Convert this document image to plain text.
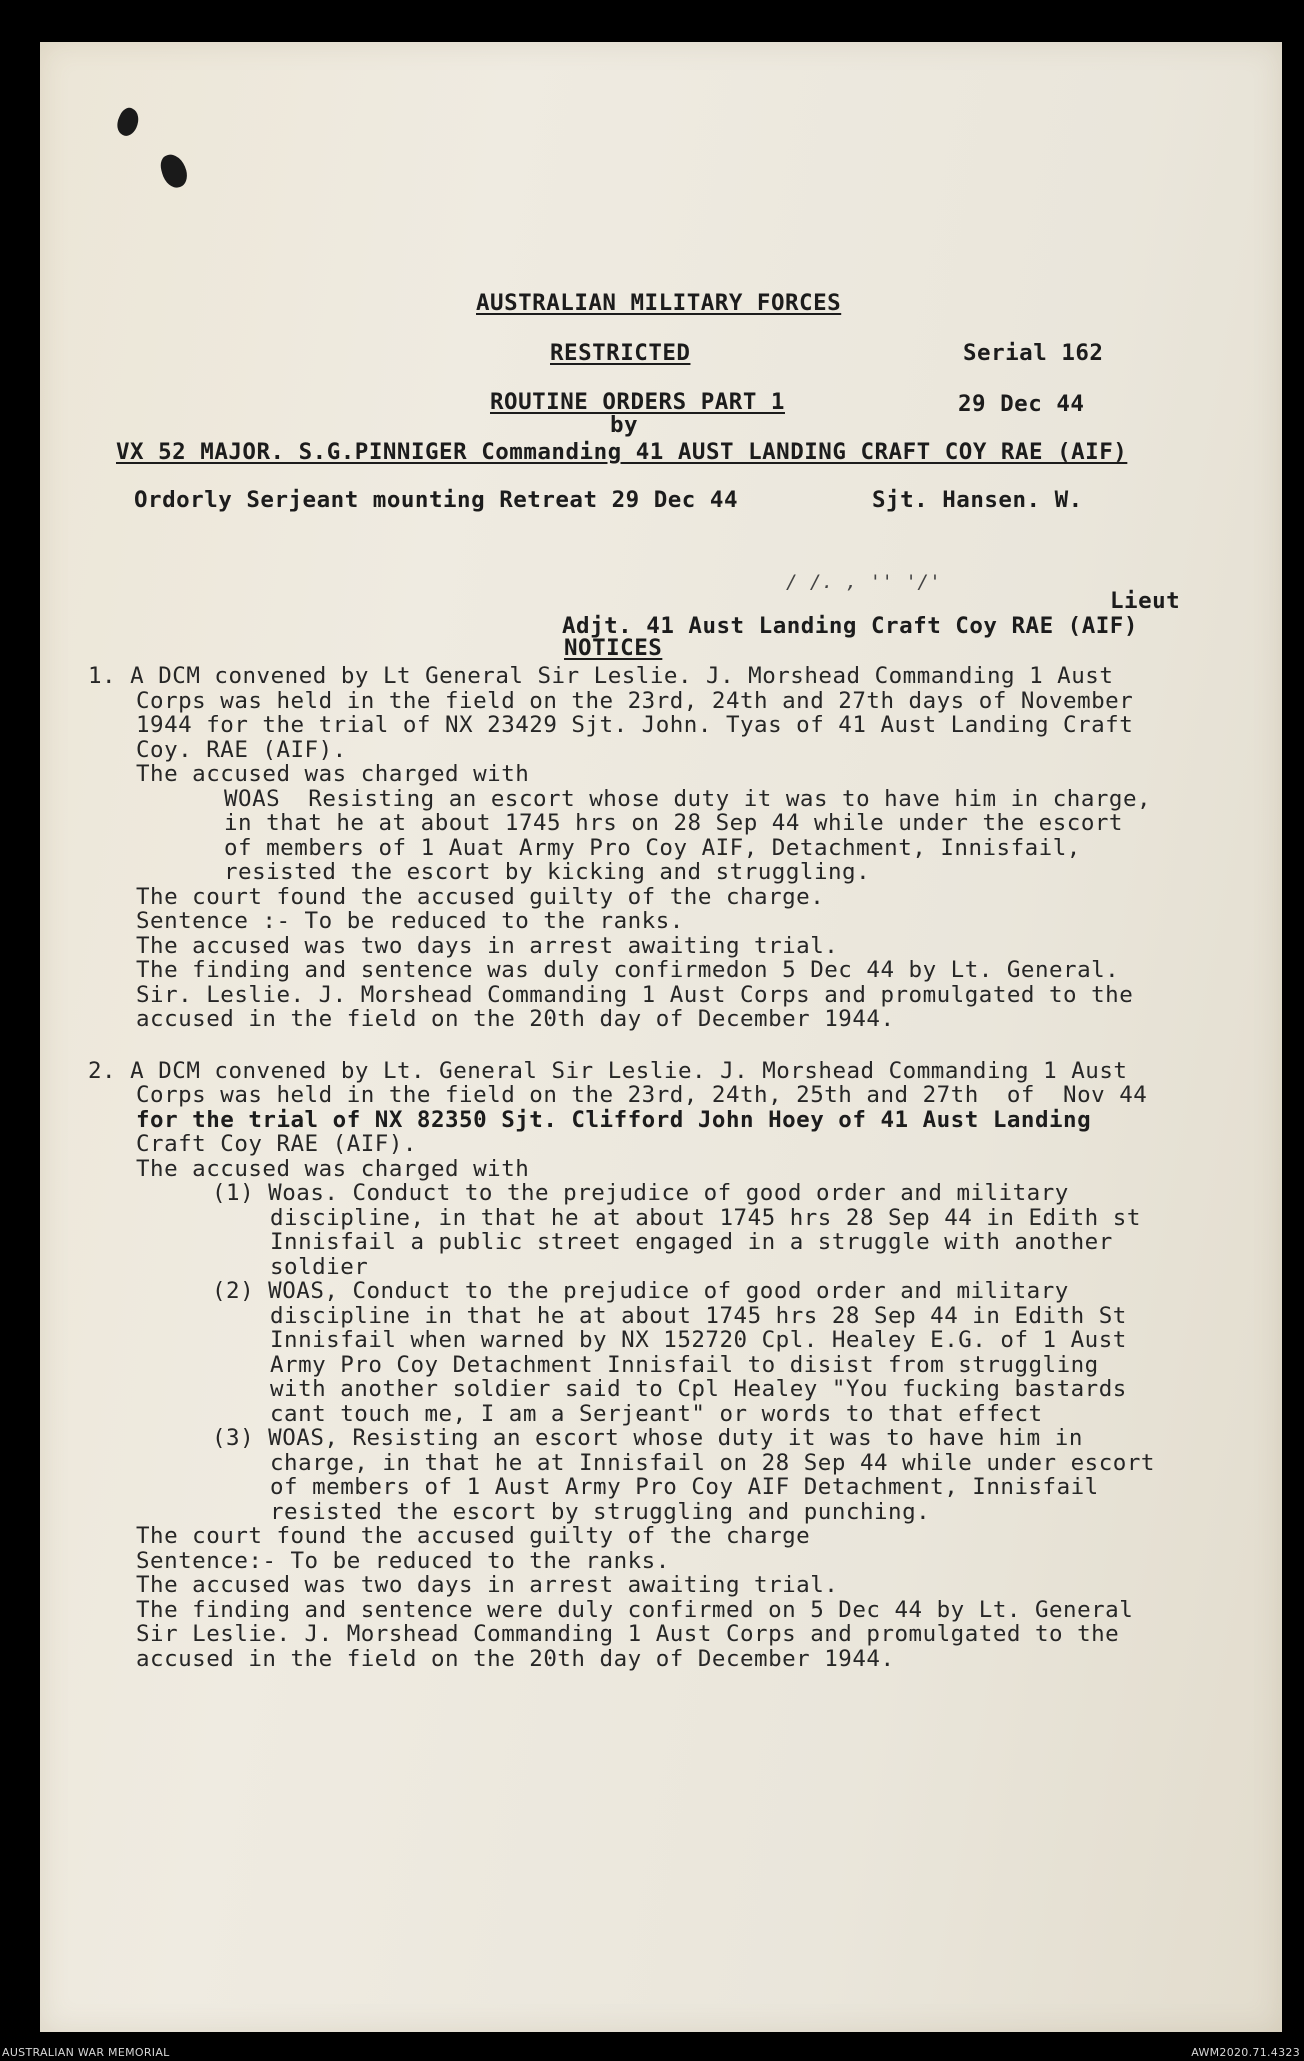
AUSTRALIAN MILITARY FORCES
RESTRICTED	Serial 162
ROUTINE ORDERS PART 1	29 Dec 44
by
VX 52 MAJOR. S.G.PINNIGER Commanding 41 AUST LANDING CRAFT COY RAE (AIF)
Ordorly Serjeant mounting Retreat 29 Dec 44	Sjt. Hansen. W.
/ /. , '' '/'
Lieut
Adjt. 41 Aust Landing Craft Coy RAE (AIF)
NOTICES
1. A DCM convened by Lt General Sir Leslie. J. Morshead Commanding 1 Aust
Corps was held in the field on the 23rd, 24th and 27th days of November
1944 for the trial of NX 23429 Sjt. John. Tyas of 41 Aust Landing Craft
Coy. RAE (AIF).
The accused was charged with
WOAS  Resisting an escort whose duty it was to have him in charge,
in that he at about 1745 hrs on 28 Sep 44 while under the escort
of members of 1 Auat Army Pro Coy AIF, Detachment, Innisfail,
resisted the escort by kicking and struggling.
The court found the accused guilty of the charge.
Sentence :- To be reduced to the ranks.
The accused was two days in arrest awaiting trial.
The finding and sentence was duly confirmedon 5 Dec 44 by Lt. General.
Sir. Leslie. J. Morshead Commanding 1 Aust Corps and promulgated to the
accused in the field on the 20th day of December 1944.
2. A DCM convened by Lt. General Sir Leslie. J. Morshead Commanding 1 Aust
Corps was held in the field on the 23rd, 24th, 25th and 27th  of  Nov 44
for the trial of NX 82350 Sjt. Clifford John Hoey of 41 Aust Landing
Craft Coy RAE (AIF).
The accused was charged with
(1) Woas. Conduct to the prejudice of good order and military
discipline, in that he at about 1745 hrs 28 Sep 44 in Edith st
Innisfail a public street engaged in a struggle with another
soldier
(2) WOAS, Conduct to the prejudice of good order and military
discipline in that he at about 1745 hrs 28 Sep 44 in Edith St
Innisfail when warned by NX 152720 Cpl. Healey E.G. of 1 Aust
Army Pro Coy Detachment Innisfail to disist from struggling
with another soldier said to Cpl Healey "You fucking bastards
cant touch me, I am a Serjeant" or words to that effect
(3) WOAS, Resisting an escort whose duty it was to have him in
charge, in that he at Innisfail on 28 Sep 44 while under escort
of members of 1 Aust Army Pro Coy AIF Detachment, Innisfail
resisted the escort by struggling and punching.
The court found the accused guilty of the charge
Sentence:- To be reduced to the ranks.
The accused was two days in arrest awaiting trial.
The finding and sentence were duly confirmed on 5 Dec 44 by Lt. General
Sir Leslie. J. Morshead Commanding 1 Aust Corps and promulgated to the
accused in the field on the 20th day of December 1944.
AUSTRALIAN WAR MEMORIAL	AWM2020.71.4323
